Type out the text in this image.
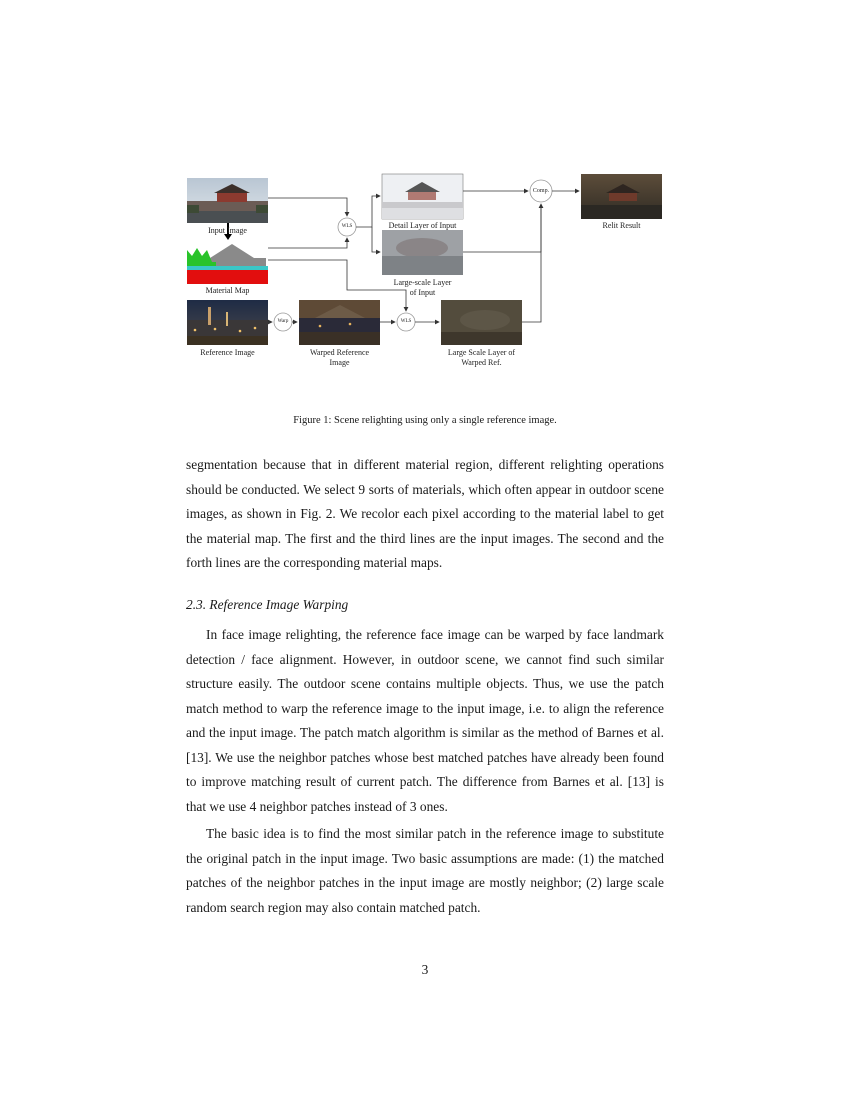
Input Image
Material Map
Reference Image	Warped Reference
Image
Detail Layer of Input
Large-scale Layer
of Input
Large Scale Layer of
Warped Ref.
Relit Result
WLS
WLS
Warp
Comp.
Figure 1: Scene relighting using only a single reference image.

segmentation because that in different material region, different relighting operations should be conducted. We select 9 sorts of materials, which often appear in outdoor scene images, as shown in Fig. 2. We recolor each pixel according to the material label to get the material map. The first and the third lines are the input images. The second and the forth lines are the corresponding material maps.

2.3. Reference Image Warping

In face image relighting, the reference face image can be warped by face landmark detection / face alignment. However, in outdoor scene, we cannot find such similar structure easily. The outdoor scene contains multiple objects. Thus, we use the patch match method to warp the reference image to the input image, i.e. to align the reference and the input image. The patch match algorithm is similar as the method of Barnes et al. [13]. We use the neighbor patches whose best matched patches have already been found to improve matching result of current patch. The difference from Barnes et al. [13] is that we use 4 neighbor patches instead of 3 ones.

The basic idea is to find the most similar patch in the reference image to substitute the original patch in the input image. Two basic assumptions are made: (1) the matched patches of the neighbor patches in the input image are mostly neighbor; (2) large scale random search region may also contain matched patch.

3
